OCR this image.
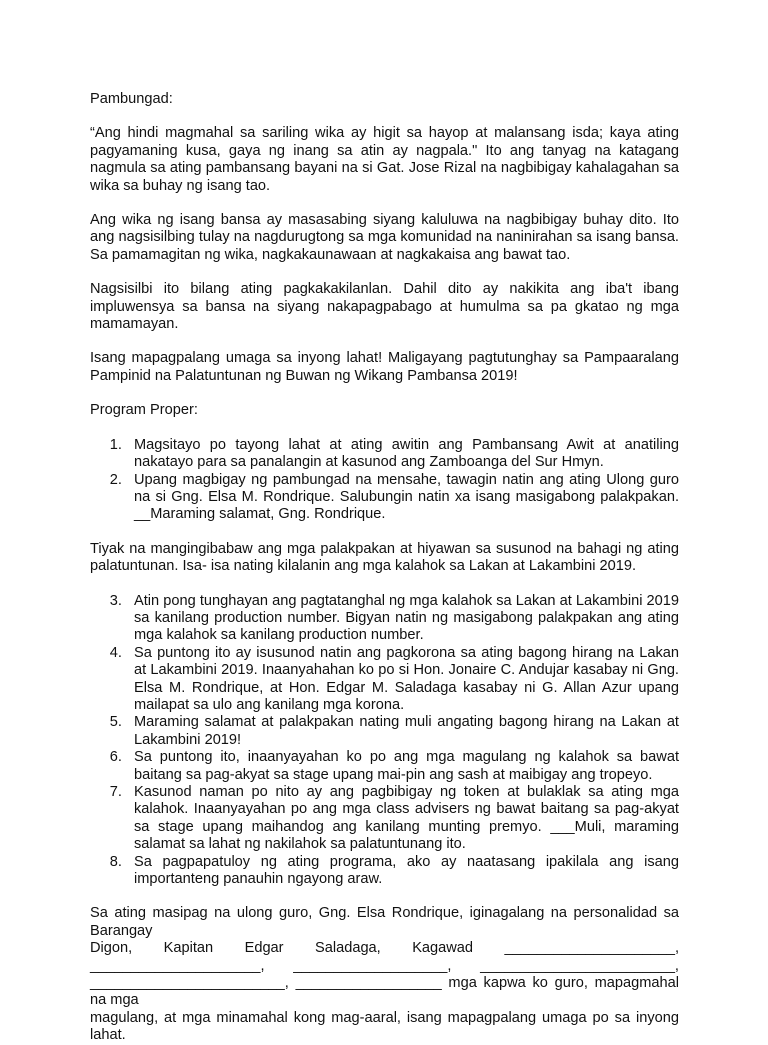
Pambungad:

“Ang hindi magmahal sa sariling wika ay higit sa hayop at malansang isda; kaya ating pagyamaning kusa, gaya ng inang sa atin ay nagpala." Ito ang tanyag na katagang nagmula sa ating pambansang bayani na si Gat. Jose Rizal na nagbibigay kahalagahan sa wika sa buhay ng isang tao.

Ang wika ng isang bansa ay masasabing siyang kaluluwa na nagbibigay buhay dito. Ito ang nagsisilbing tulay na nagdurugtong sa mga komunidad na naninirahan sa isang bansa. Sa pamamagitan ng wika, nagkakaunawaan at nagkakaisa ang bawat tao.

Nagsisilbi ito bilang ating pagkakakilanlan. Dahil dito ay nakikita ang iba't ibang impluwensya sa bansa na siyang nakapagpabago at humulma sa pa gkatao ng mga mamamayan.

Isang mapagpalang umaga sa inyong lahat! Maligayang pagtutunghay sa Pampaaralang Pampinid na Palatuntunan ng Buwan ng Wikang Pambansa 2019!

Program Proper:
1. Magsitayo po tayong lahat at ating awitin ang Pambansang Awit at anatiling nakatayo para sa panalangin at kasunod ang Zamboanga del Sur Hmyn.
2. Upang magbigay ng pambungad na mensahe, tawagin natin ang ating Ulong guro na si Gng. Elsa M. Rondrique. Salubungin natin xa isang masigabong palakpakan. __Maraming salamat, Gng. Rondrique.

Tiyak na mangingibabaw ang mga palakpakan at hiyawan sa susunod na bahagi ng ating palatuntunan. Isa- isa nating kilalanin ang mga kalahok sa Lakan at Lakambini 2019.

3. Atin pong tunghayan ang pagtatanghal ng mga kalahok sa Lakan at Lakambini 2019 sa kanilang production number. Bigyan natin ng masigabong palakpakan ang ating mga kalahok sa kanilang production number.
4. Sa puntong ito ay isusunod natin ang pagkorona sa ating bagong hirang na Lakan at Lakambini 2019. Inaanyahahan ko po si Hon. Jonaire C. Andujar kasabay ni Gng. Elsa M. Rondrique, at Hon. Edgar M. Saladaga kasabay ni G. Allan Azur upang mailapat sa ulo ang kanilang mga korona.
5. Maraming salamat at palakpakan nating muli angating bagong hirang na Lakan at Lakambini 2019!
6. Sa puntong ito, inaanyayahan ko po ang mga magulang ng kalahok sa bawat baitang sa pag-akyat sa stage upang mai-pin ang sash at maibigay ang tropeyo.
7. Kasunod naman po nito ay ang pagbibigay ng token at bulaklak sa ating mga kalahok. Inaanyayahan po ang mga class advisers ng bawat baitang sa pag-akyat sa stage upang maihandog ang kanilang munting premyo. ___Muli, maraming salamat sa lahat ng nakilahok sa palatuntunang ito.
8. Sa pagpapatuloy ng ating programa, ako ay naatasang ipakilala ang isang importanteng panauhin ngayong araw.
Sa ating masipag na ulong guro, Gng. Elsa Rondrique, iginagalang na personalidad sa Barangay
Digon, Kapitan Edgar Saladaga, Kagawad _____________________,
_____________________, ___________________, ________________________,
________________________, __________________ mga kapwa ko guro, mapagmahal na mga
magulang, at mga minamahal kong mag-aaral, isang mapagpalang umaga po sa inyong lahat.
